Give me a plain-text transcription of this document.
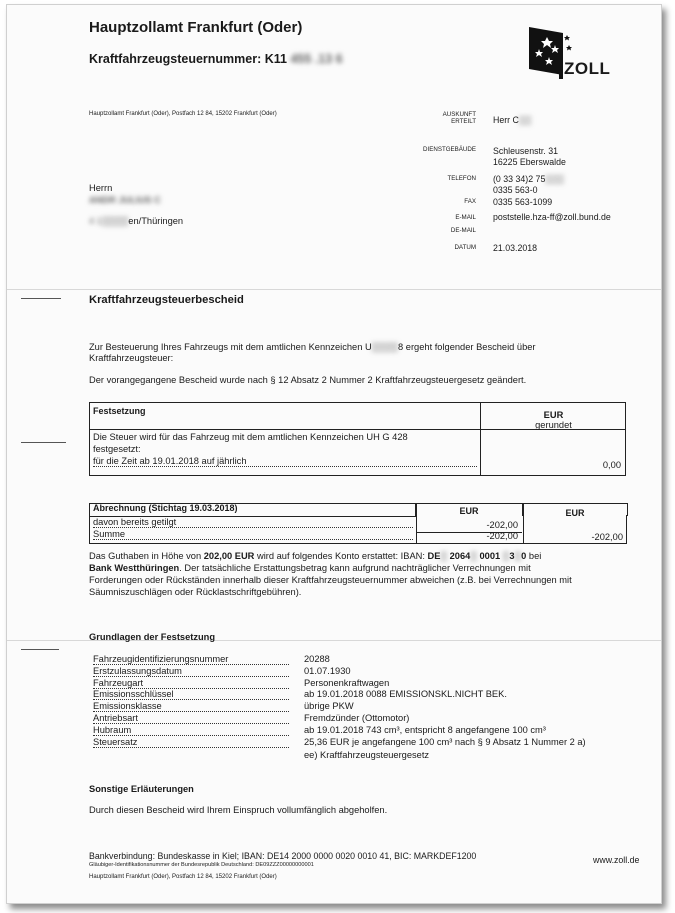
Hauptzollamt Frankfurt (Oder)
Kraftfahrzeugsteuernummer: K11 455 .13 6	ZOLL
Hauptzollamt Frankfurt (Oder), Postfach 12 84, 15202 Frankfurt (Oder)	AUSKUNFT
ERTEILT Herr C▒▒
DIENSTGEBÄUDE Schleusenstr. 31
16225 Eberswalde
TELEFON (0 33 34)2 75▒▒▒
0335 563-0
FAX 0335 563-1099
E-MAIL poststelle.hza-ff@zoll.bund.de
DE-MAIL
DATUM 21.03.2018
Herrn
ANDR JULIUS C
4 1▒▒▒▒en/Thüringen
Kraftfahrzeugsteuerbescheid
Zur Besteuerung Ihres Fahrzeugs mit dem amtlichen Kennzeichen U▒▒▒▒8 ergeht folgender Bescheid über
Kraftfahrzeugsteuer:
Der vorangegangene Bescheid wurde nach § 12 Absatz 2 Nummer 2 Kraftfahrzeugsteuergesetz geändert.
Festsetzung	EUR
gerundet
Die Steuer wird für das Fahrzeug mit dem amtlichen Kennzeichen UH G 428
festgesetzt:
für die Zeit ab 19.01.2018 auf jährlich	0,00
Abrechnung (Stichtag 19.03.2018)	EUR	EUR
davon bereits getilgt	-202,00
Summe	-202,00	-202,00
Das Guthaben in Höhe von 202,00 EUR wird auf folgendes Konto erstattet: IBAN: DE▒ 2064▒ 0001 ▒3▒0 bei
Bank Westthüringen. Der tatsächliche Erstattungsbetrag kann aufgrund nachträglicher Verrechnungen mit
Forderungen oder Rückständen innerhalb dieser Kraftfahrzeugsteuernummer abweichen (z.B. bei Verrechnungen mit
Säumniszuschlägen oder Rücklastschriftgebühren).
Grundlagen der Festsetzung
Fahrzeugidentifizierungsnummer	20288
Erstzulassungsdatum	01.07.1930
Fahrzeugart	Personenkraftwagen
Emissionsschlüssel	ab 19.01.2018 0088 EMISSIONSKL.NICHT BEK.
Emissionsklasse	übrige PKW
Antriebsart	Fremdzünder (Ottomotor)
Hubraum	ab 19.01.2018 743 cm³, entspricht 8 angefangene 100 cm³
Steuersatz	25,36 EUR je angefangene 100 cm³ nach § 9 Absatz 1 Nummer 2 a)
ee) Kraftfahrzeugsteuergesetz
Sonstige Erläuterungen
Durch diesen Bescheid wird Ihrem Einspruch vollumfänglich abgeholfen.
Bankverbindung: Bundeskasse in Kiel; IBAN: DE14 2000 0000 0020 0010 41, BIC: MARKDEF1200
Gläubiger-Identifikationsnummer der Bundesrepublik Deutschland: DE09ZZZ00000000001
Hauptzollamt Frankfurt (Oder), Postfach 12 84, 15202 Frankfurt (Oder)
www.zoll.de
